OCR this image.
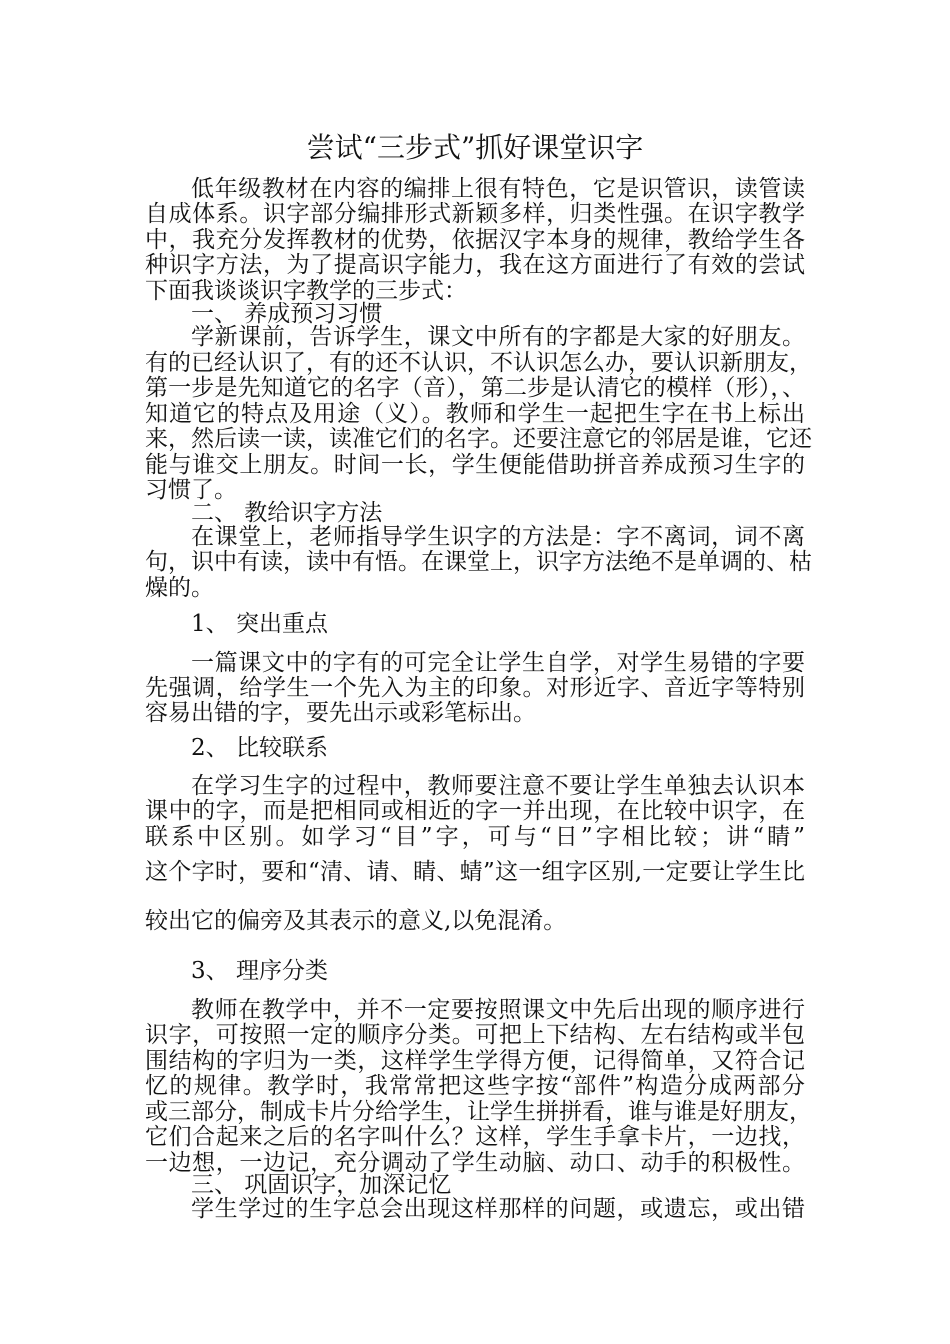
尝试“三步式”抓好课堂识字
低年级教材在内容的编排上很有特色，它是识管识，读管读
自成体系。识字部分编排形式新颖多样，归类性强。在识字教学
中，我充分发挥教材的优势，依据汉字本身的规律，教给学生各
种识字方法，为了提高识字能力，我在这方面进行了有效的尝试
下面我谈谈识字教学的三步式：
一、 养成预习习惯
学新课前，告诉学生，课文中所有的字都是大家的好朋友。
有的已经认识了，有的还不认识，不认识怎么办，要认识新朋友，
第一步是先知道它的名字（音），第二步是认清它的模样（形），、
知道它的特点及用途（义）。教师和学生一起把生字在书上标出
来，然后读一读，读准它们的名字。还要注意它的邻居是谁，它还
能与谁交上朋友。时间一长，学生便能借助拼音养成预习生字的
习惯了。
二、 教给识字方法
在课堂上，老师指导学生识字的方法是：字不离词，词不离
句，识中有读，读中有悟。在课堂上，识字方法绝不是单调的、枯
燥的。
1、 突出重点
一篇课文中的字有的可完全让学生自学，对学生易错的字要
先强调，给学生一个先入为主的印象。对形近字、音近字等特别
容易出错的字，要先出示或彩笔标出。
2、 比较联系
在学习生字的过程中，教师要注意不要让学生单独去认识本
课中的字，而是把相同或相近的字一并出现，在比较中识字，在
联系中区别。如学习“目”字，可与“日”字相比较；讲“睛”
这个字时，要和“清、请、睛、蜻”这一组字区别,一定要让学生比
较出它的偏旁及其表示的意义,以免混淆。
3、 理序分类
教师在教学中，并不一定要按照课文中先后出现的顺序进行
识字，可按照一定的顺序分类。可把上下结构、左右结构或半包
围结构的字归为一类，这样学生学得方便，记得简单，又符合记
忆的规律。教学时，我常常把这些字按“部件”构造分成两部分
或三部分，制成卡片分给学生，让学生拼拼看，谁与谁是好朋友，
它们合起来之后的名字叫什么？这样，学生手拿卡片，一边找，
一边想，一边记，充分调动了学生动脑、动口、动手的积极性。
三、 巩固识字，加深记忆
学生学过的生字总会出现这样那样的问题，或遗忘，或出错
